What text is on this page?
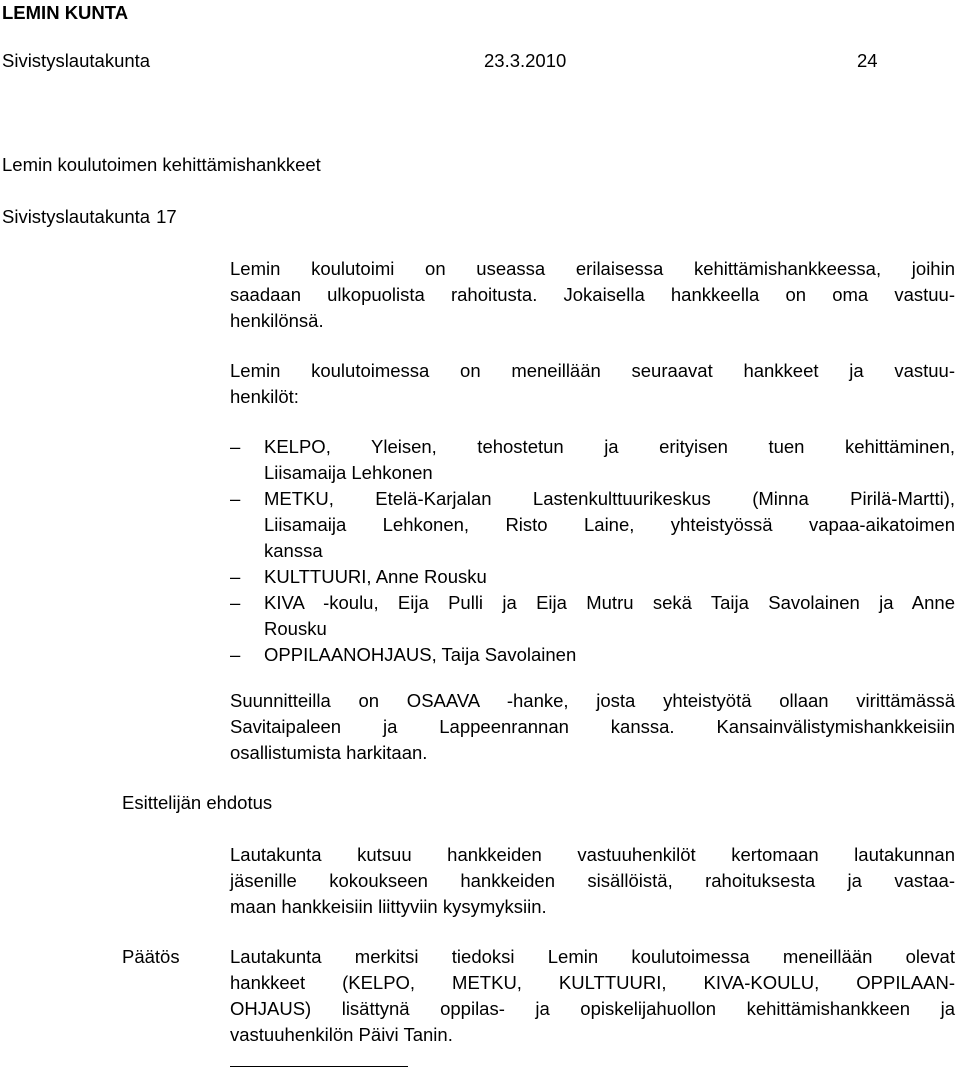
LEMIN KUNTA
Sivistyslautakunta	23.3.2010	24
Lemin koulutoimen kehittämishankkeet
Sivistyslautakunta 17
Lemin koulutoimi on useassa erilaisessa kehittämishankkeessa, joihin
saadaan ulkopuolista rahoitusta. Jokaisella hankkeella on oma vastuu-
henkilönsä.
Lemin koulutoimessa on meneillään seuraavat hankkeet ja vastuu-
henkilöt:
– KELPO, Yleisen, tehostetun ja erityisen tuen kehittäminen,
Liisamaija Lehkonen
– METKU, Etelä-Karjalan Lastenkulttuurikeskus (Minna Pirilä-Martti),
Liisamaija Lehkonen, Risto Laine, yhteistyössä vapaa-aikatoimen
kanssa
– KULTTUURI, Anne Rousku
– KIVA -koulu, Eija Pulli ja Eija Mutru sekä Taija Savolainen ja Anne
Rousku
– OPPILAANOHJAUS, Taija Savolainen
Suunnitteilla on OSAAVA -hanke, josta yhteistyötä ollaan virittämässä
Savitaipaleen ja Lappeenrannan kanssa. Kansainvälistymishankkeisiin
osallistumista harkitaan.
Esittelijän ehdotus
Lautakunta kutsuu hankkeiden vastuuhenkilöt kertomaan lautakunnan
jäsenille kokoukseen hankkeiden sisällöistä, rahoituksesta ja vastaa-
maan hankkeisiin liittyviin kysymyksiin.
Päätös	Lautakunta merkitsi tiedoksi Lemin koulutoimessa meneillään olevat
hankkeet (KELPO, METKU, KULTTUURI, KIVA-KOULU, OPPILAAN-
OHJAUS) lisättynä oppilas- ja opiskelijahuollon kehittämishankkeen ja
vastuuhenkilön Päivi Tanin.
